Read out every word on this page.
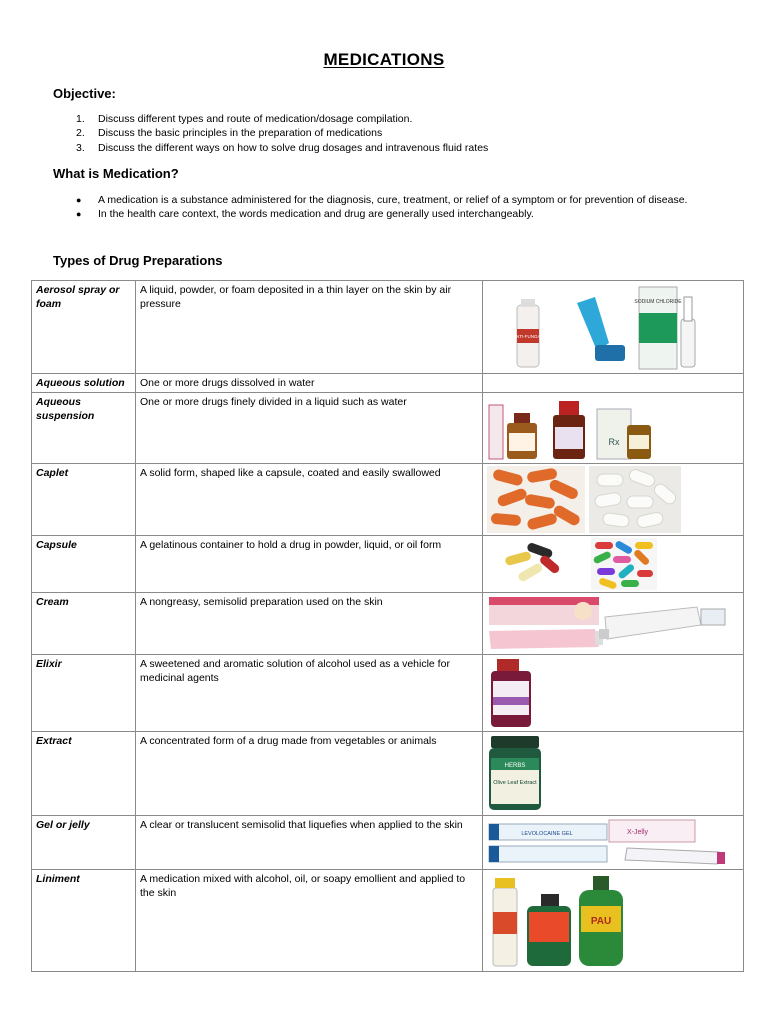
MEDICATIONS
Objective:
1.	Discuss different types and route of medication/dosage compilation.
2.	Discuss the basic principles in the preparation of medications
3.	Discuss the different ways on how to solve drug dosages and intravenous fluid rates
What is Medication?
●	A medication is a substance administered for the diagnosis, cure, treatment, or relief of a symptom or for prevention of disease.
●	In the health care context, the words medication and drug are generally used interchangeably.
Types of Drug Preparations
Aerosol spray or foam	A liquid, powder, or foam deposited in a thin layer on the skin by air pressure	ANTI-FUNGAL
SODIUM CHLORIDE

Aqueous solution	One or more drugs dissolved in water	
Aqueous suspension	One or more drugs finely divided in a liquid such as water	Rx

Caplet	A solid form, shaped like a capsule, coated and easily swallowed	

Capsule	A gelatinous container to hold a drug in powder, liquid, or oil form	

Cream	A nongreasy, semisolid preparation used on the skin	

Elixir	A sweetened and aromatic solution of alcohol used as a vehicle for medicinal agents	

Extract	A concentrated form of a drug made from vegetables or animals	HERBS
Olive Leaf Extract

Gel or jelly	A clear or translucent semisolid that liquefies when applied to the skin	LEVOLOCAINE GEL X-Jelly

Liniment	A medication mixed with alcohol, oil, or soapy emollient and applied to the skin	PAU
